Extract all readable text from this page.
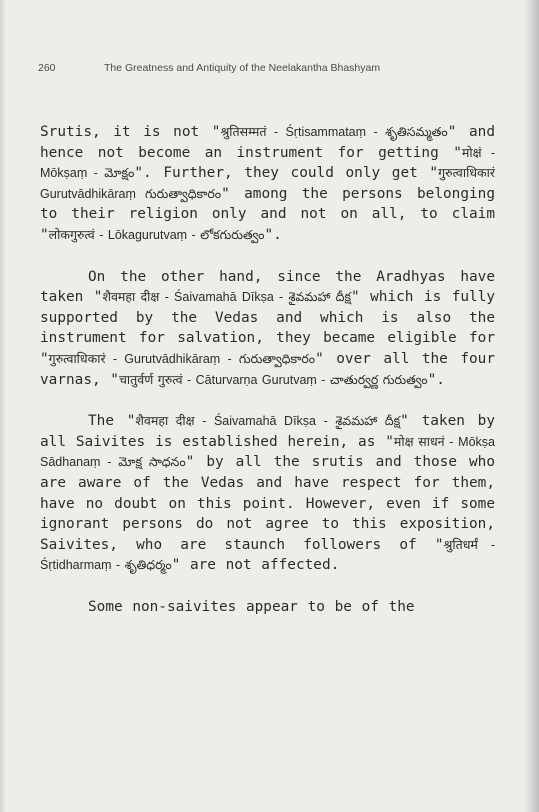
260	The Greatness and Antiquity of the Neelakantha Bhashyam

Srutis, it is not "श्रुतिसम्मतं - Śṛtisammataṃ - శృతిసమ్మతం" and hence not become an instrument for getting "मोक्षं - Mōkṣaṃ - మోక్షం". Further, they could only get "गुरुत्वाधिकारं Gurutvādhikāraṃ గురుత్వాధికారం" among the persons belonging to their religion only and not on all, to claim "लोकगुरुत्वं - Lōkagurutvaṃ - లోకగురుత్వం".

On the other hand, since the Aradhyas have taken "शैवमहा दीक्ष - Śaivamahā Dīkṣa - శైవమహా దీక్ష" which is fully supported by the Vedas and which is also the instrument for salvation, they became eligible for "गुरुत्वाधिकारं - Gurutvādhikāraṃ - గురుత్వాధికారం" over all the four varnas, "चातुर्वर्ण गुरुत्वं - Cāturvarṇa Gurutvaṃ - చాతుర్వర్ణ గురుత్వం".

The "शैवमहा दीक्ष - Śaivamahā Dīkṣa - శైవమహా దీక్ష" taken by all Saivites is established herein, as "मोक्ष साधनं - Mōkṣa Sādhanaṃ - మోక్ష సాధనం" by all the srutis and those who are aware of the Vedas and have respect for them, have no doubt on this point. However, even if some ignorant persons do not agree to this exposition, Saivites, who are staunch followers of "श्रुतिधर्मं - Śṛtidharmaṃ - శృతిధర్మం" are not affected.

Some non-saivites appear to be of the
